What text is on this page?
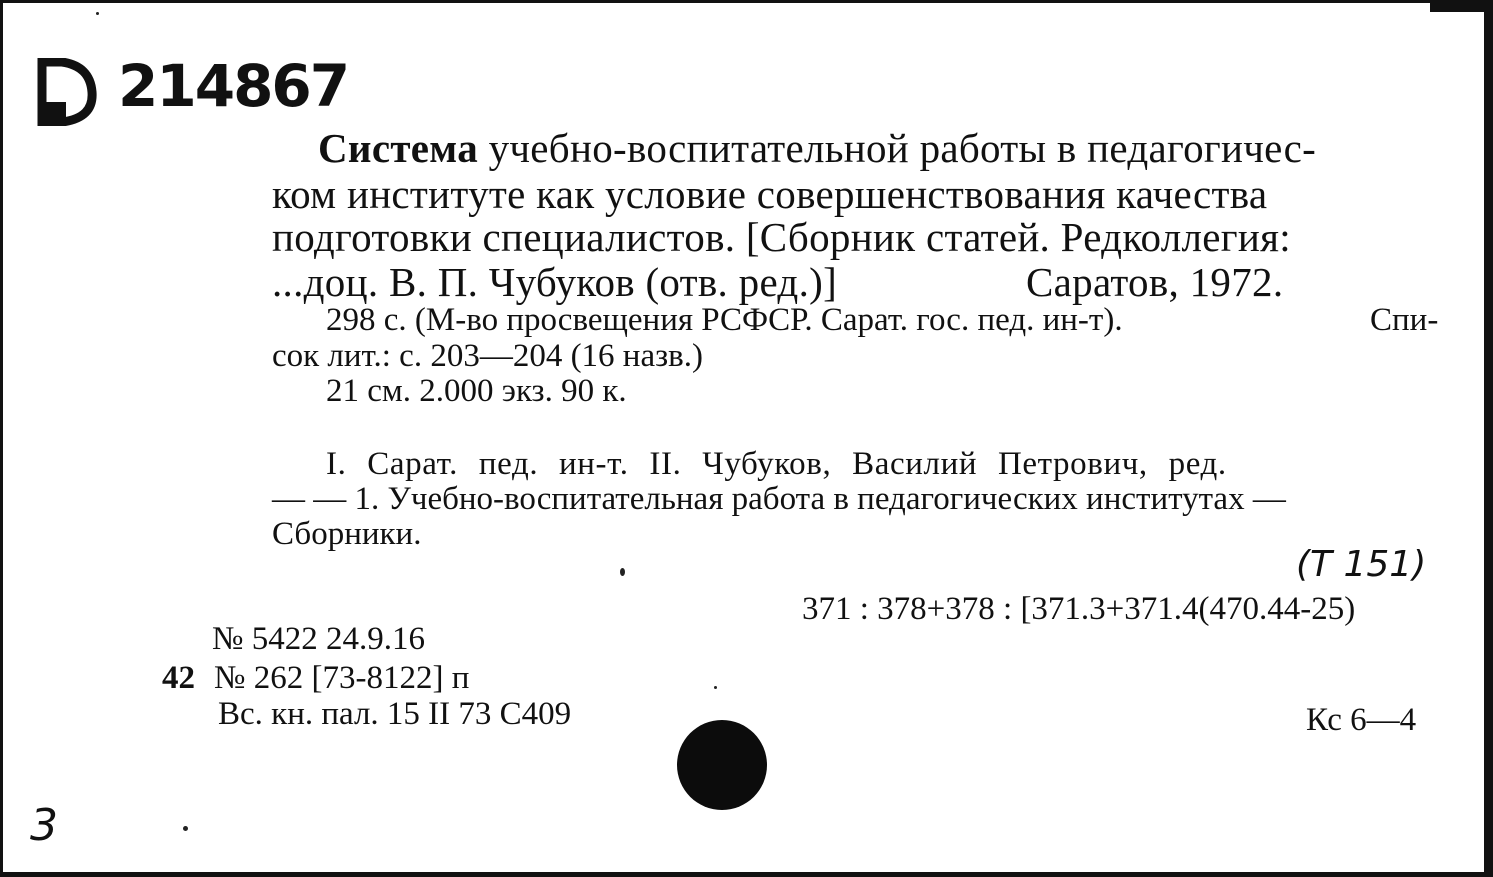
214867
Система учебно-воспитательной работы в педагогичес-
ком институте как условие совершенствования качества
подготовки специалистов. [Сборник статей. Редколлегия:
...доц. В. П. Чубуков (отв. ред.)]	Саратов, 1972.
298 с. (М-во просвещения РСФСР. Сарат. гос. пед. ин-т).	Спи-
сок лит.: с. 203—204 (16 назв.)
21 см. 2.000 экз. 90 к.
I. Сарат. пед. ин-т. II. Чубуков, Василий Петрович, ред.
— — 1. Учебно-воспитательная работа в педагогических институтах —
Сборники.
(T 151)
371 : 378+378 : [371.3+371.4(470.44-25)
№ 5422 24.9.16
42 № 262 [73-8122] п
Вс. кн. пал. 15 II 73 С409	Кс 6—4
3
